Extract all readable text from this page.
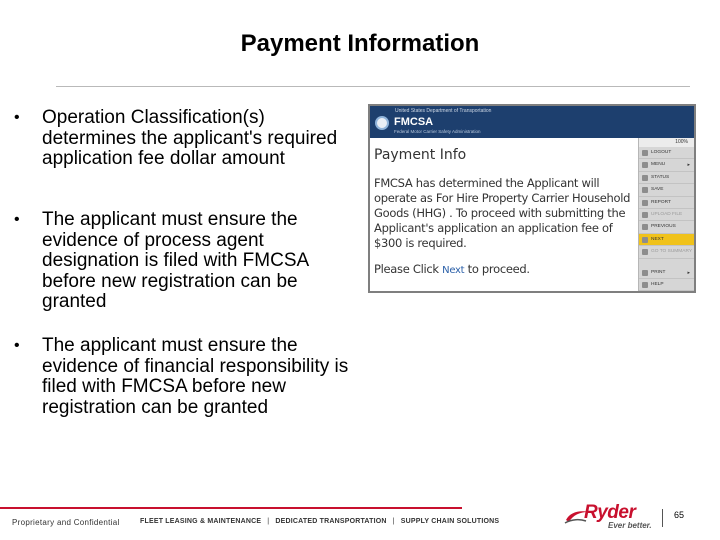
Payment Information
• Operation Classification(s) determines the applicant's required application fee dollar amount
• The applicant must ensure the evidence of process agent designation is filed with FMCSA before new registration can be granted
• The applicant must ensure the evidence of financial responsibility is filed with FMCSA before new registration can be granted
United States Department of Transportation
FMCSA
Federal Motor Carrier Safety Administration
Payment Info
FMCSA has determined the Applicant will operate as For Hire Property Carrier Household Goods (HHG) . To proceed with submitting the Applicant's application an application fee of $300 is required.
Please Click Next to proceed.
100%
LOGOUT
MENU	▸
STATUS
SAVE
REPORT
UPLOAD FILE
PREVIOUS
NEXT
GO TO SUMMARY
PRINT	▸
HELP
Proprietary and Confidential	FLEET LEASING & MAINTENANCE | DEDICATED TRANSPORTATION | SUPPLY CHAIN SOLUTIONS	Ryder
Ever better.
65
